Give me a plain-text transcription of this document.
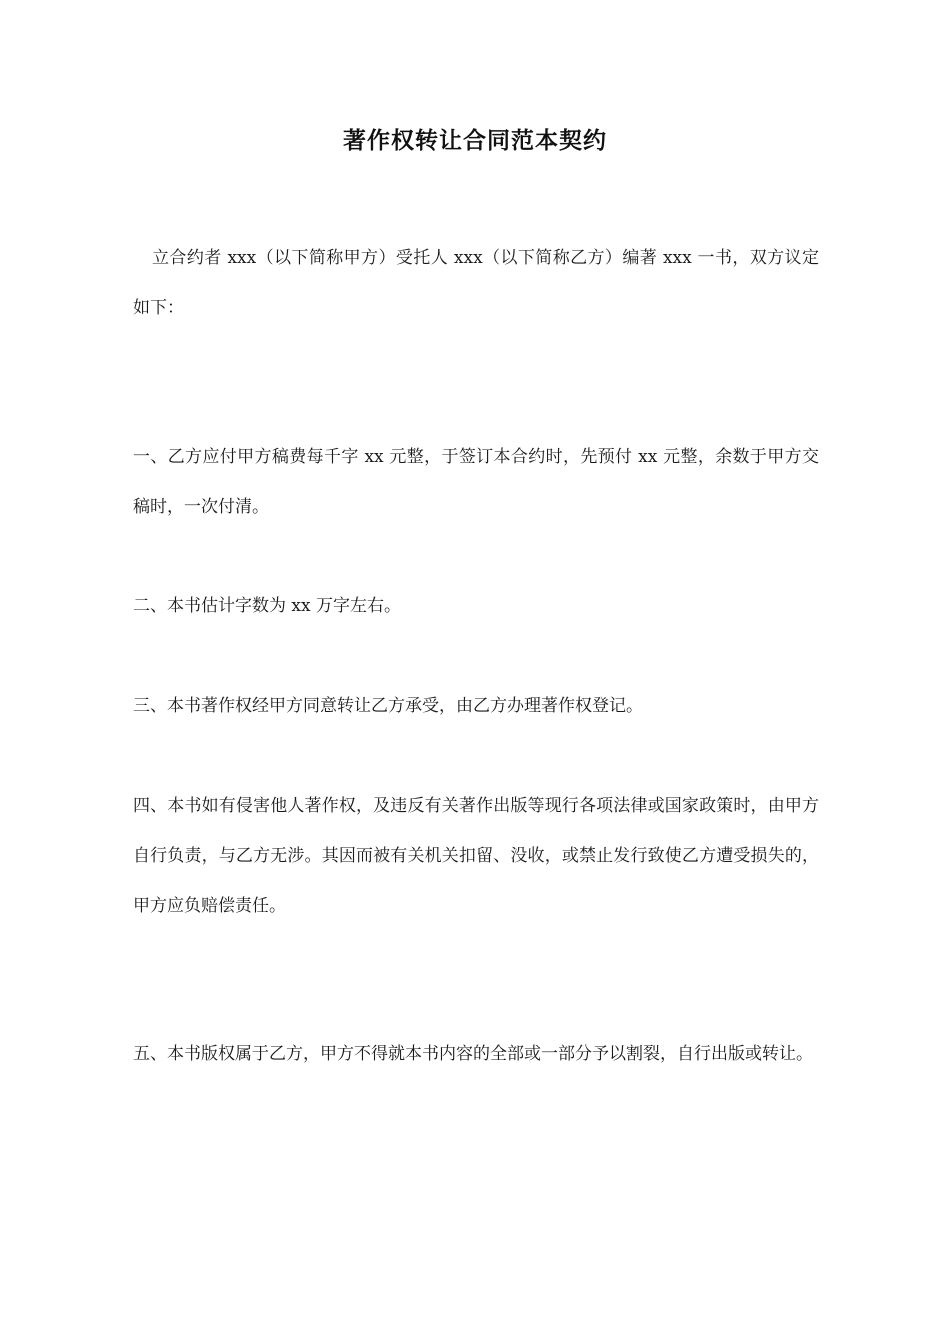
著作权转让合同范本契约
立合约者 xxx（以下简称甲方）受托人 xxx（以下简称乙方）编著 xxx 一书，双方议定如下：
一、乙方应付甲方稿费每千字 xx 元整，于签订本合约时，先预付 xx 元整，余数于甲方交稿时，一次付清。
二、本书估计字数为 xx 万字左右。
三、本书著作权经甲方同意转让乙方承受，由乙方办理著作权登记。
四、本书如有侵害他人著作权，及违反有关著作出版等现行各项法律或国家政策时，由甲方自行负责，与乙方无涉。其因而被有关机关扣留、没收，或禁止发行致使乙方遭受损失的，甲方应负赔偿责任。
五、本书版权属于乙方，甲方不得就本书内容的全部或一部分予以割裂，自行出版或转让。
